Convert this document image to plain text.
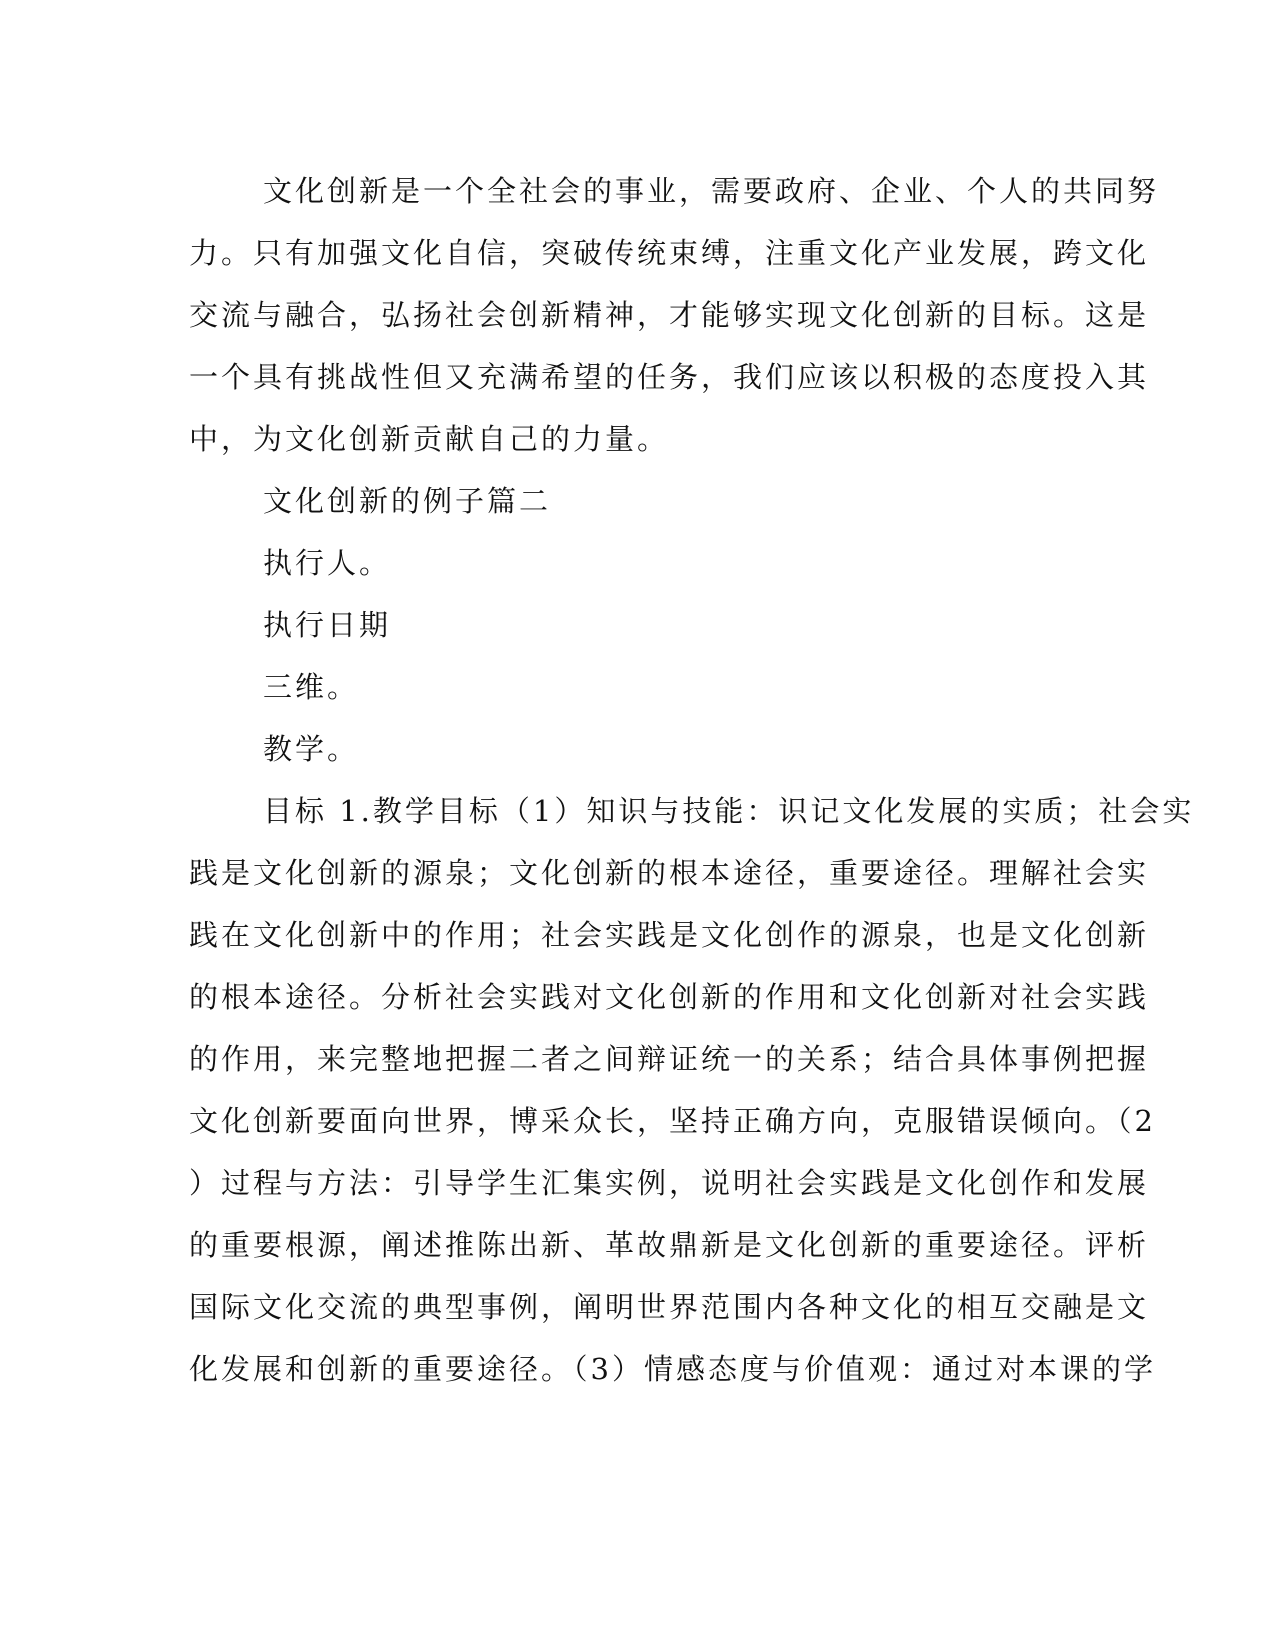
文化创新是一个全社会的事业，需要政府、企业、个人的共同努
力。只有加强文化自信，突破传统束缚，注重文化产业发展，跨文化
交流与融合，弘扬社会创新精神，才能够实现文化创新的目标。这是
一个具有挑战性但又充满希望的任务，我们应该以积极的态度投入其
中，为文化创新贡献自己的力量。
文化创新的例子篇二
执行人。
执行日期
三维。
教学。
目标 1.教学目标（1）知识与技能：识记文化发展的实质；社会实
践是文化创新的源泉；文化创新的根本途径，重要途径。理解社会实
践在文化创新中的作用；社会实践是文化创作的源泉，也是文化创新
的根本途径。分析社会实践对文化创新的作用和文化创新对社会实践
的作用，来完整地把握二者之间辩证统一的关系；结合具体事例把握
文化创新要面向世界，博采众长，坚持正确方向，克服错误倾向。（2
）过程与方法：引导学生汇集实例，说明社会实践是文化创作和发展
的重要根源，阐述推陈出新、革故鼎新是文化创新的重要途径。评析
国际文化交流的典型事例，阐明世界范围内各种文化的相互交融是文
化发展和创新的重要途径。（3）情感态度与价值观：通过对本课的学
